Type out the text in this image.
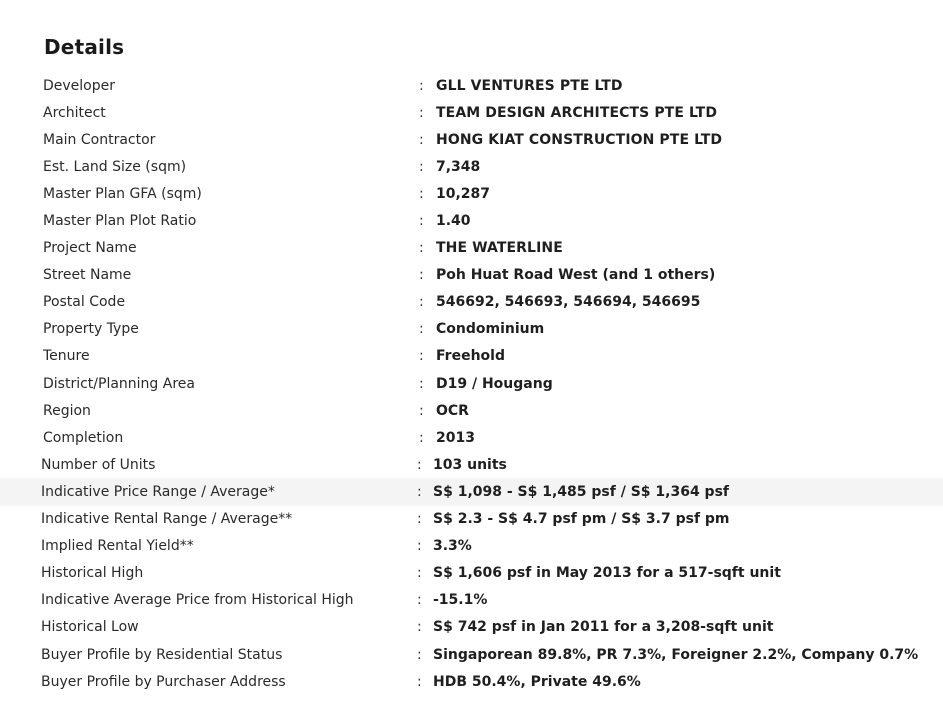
Details
Developer	: GLL VENTURES PTE LTD
Architect	: TEAM DESIGN ARCHITECTS PTE LTD
Main Contractor	: HONG KIAT CONSTRUCTION PTE LTD
Est. Land Size (sqm)	: 7,348
Master Plan GFA (sqm)	: 10,287
Master Plan Plot Ratio	: 1.40
Project Name	: THE WATERLINE
Street Name	: Poh Huat Road West (and 1 others)
Postal Code	: 546692, 546693, 546694, 546695
Property Type	: Condominium
Tenure	: Freehold
District/Planning Area	: D19 / Hougang
Region	: OCR
Completion	: 2013
Number of Units	: 103 units
Indicative Price Range / Average*	: S$ 1,098 - S$ 1,485 psf / S$ 1,364 psf
Indicative Rental Range / Average**	: S$ 2.3 - S$ 4.7 psf pm / S$ 3.7 psf pm
Implied Rental Yield**	: 3.3%
Historical High	: S$ 1,606 psf in May 2013 for a 517-sqft unit
Indicative Average Price from Historical High	: -15.1%
Historical Low	: S$ 742 psf in Jan 2011 for a 3,208-sqft unit
Buyer Profile by Residential Status	: Singaporean 89.8%, PR 7.3%, Foreigner 2.2%, Company 0.7%
Buyer Profile by Purchaser Address	: HDB 50.4%, Private 49.6%
